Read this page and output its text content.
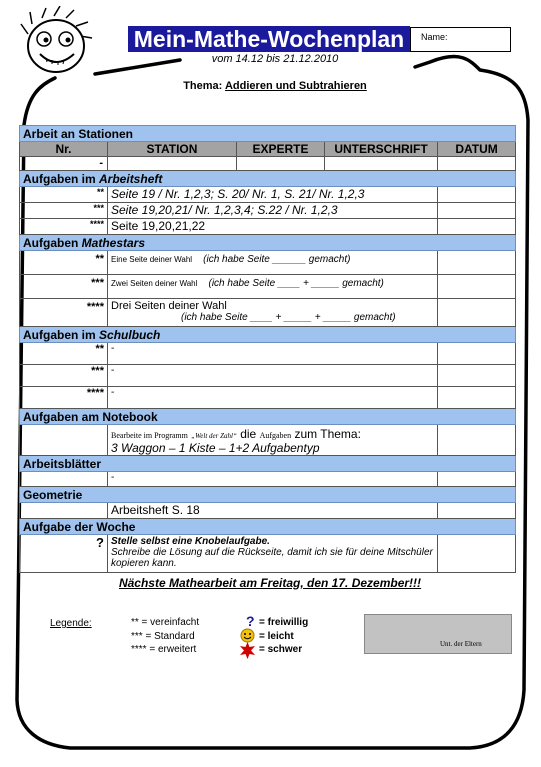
Mein-Mathe-Wochenplan	Name:
vom 14.12 bis 21.12.2010
Thema: Addieren und Subtrahieren
Arbeit an Stationen				
Nr.	STATION	EXPERTE	UNTERSCHRIFT	DATUM
-				
Aufgaben im Arbeitsheft				
**	Seite 19 / Nr. 1,2,3; S. 20/ Nr. 1, S. 21/ Nr. 1,2,3			
***	Seite 19,20,21/ Nr. 1,2,3,4; S.22 / Nr. 1,2,3			
****	Seite 19,20,21,22			
Aufgaben Mathestars				
**	Eine Seite deiner Wahl (ich habe Seite ______ gemacht)			
***	Zwei Seiten deiner Wahl (ich habe Seite ____ + _____ gemacht)			
****	Drei Seiten deiner Wahl
(ich habe Seite ____ + _____ + _____ gemacht)			

Aufgaben im Schulbuch				
**	-			
***	-			
****	-			
Aufgaben am Notebook				

	Bearbeite im Programm „Welt der Zahl“ die Aufgaben zum Thema:
3 Waggon – 1 Kiste – 1+2 Aufgabentyp			

Arbeitsblätter				
	-			
Geometrie				
	Arbeitsheft S. 18			
Aufgabe der Woche				
?	Stelle selbst eine Knobelaufgabe.
Schreibe die Lösung auf die Rückseite, damit ich sie für deine Mitschüler kopieren kann.			

Nächste Mathearbeit am Freitag, den 17. Dezember!!!
Legende:	** = vereinfacht
*** = Standard
**** = erweitert
? = freiwillig
= leicht
= schwer	Unt. der Eltern
